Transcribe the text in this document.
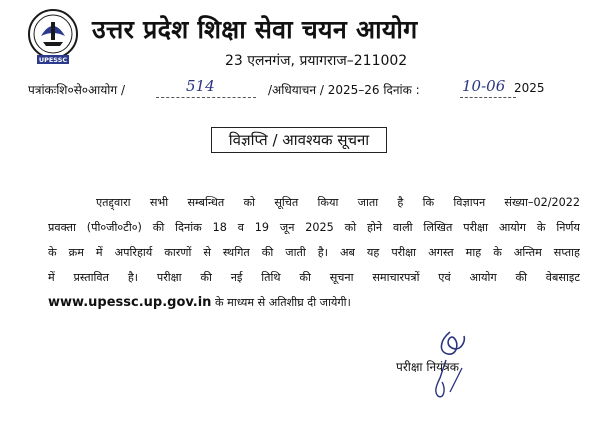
UPESSC
उत्तर प्रदेश शिक्षा सेवा चयन आयोग
23 एलनगंज, प्रयागराज–211002
पत्रांकःशि०से०आयोग /	514	/अधियाचन / 2025–26 दिनांक :	10-06 2025
विज्ञप्ति / आवश्यक सूचना
एतद्द्वारा सभी सम्बन्धित को सूचित किया जाता है कि विज्ञापन संख्या–02/2022
प्रवक्ता (पी०जी०टी०) की दिनांक 18 व 19 जून 2025 को होने वाली लिखित परीक्षा आयोग के निर्णय
के क्रम में अपरिहार्य कारणों से स्थगित की जाती है। अब यह परीक्षा अगस्त माह के अन्तिम सप्ताह
में प्रस्तावित है। परीक्षा की नई तिथि की सूचना समाचारपत्रों एवं आयोग की वेबसाइट
www.upessc.up.gov.in के माध्यम से अतिशीघ्र दी जायेगी।
परीक्षा नियंत्रक
